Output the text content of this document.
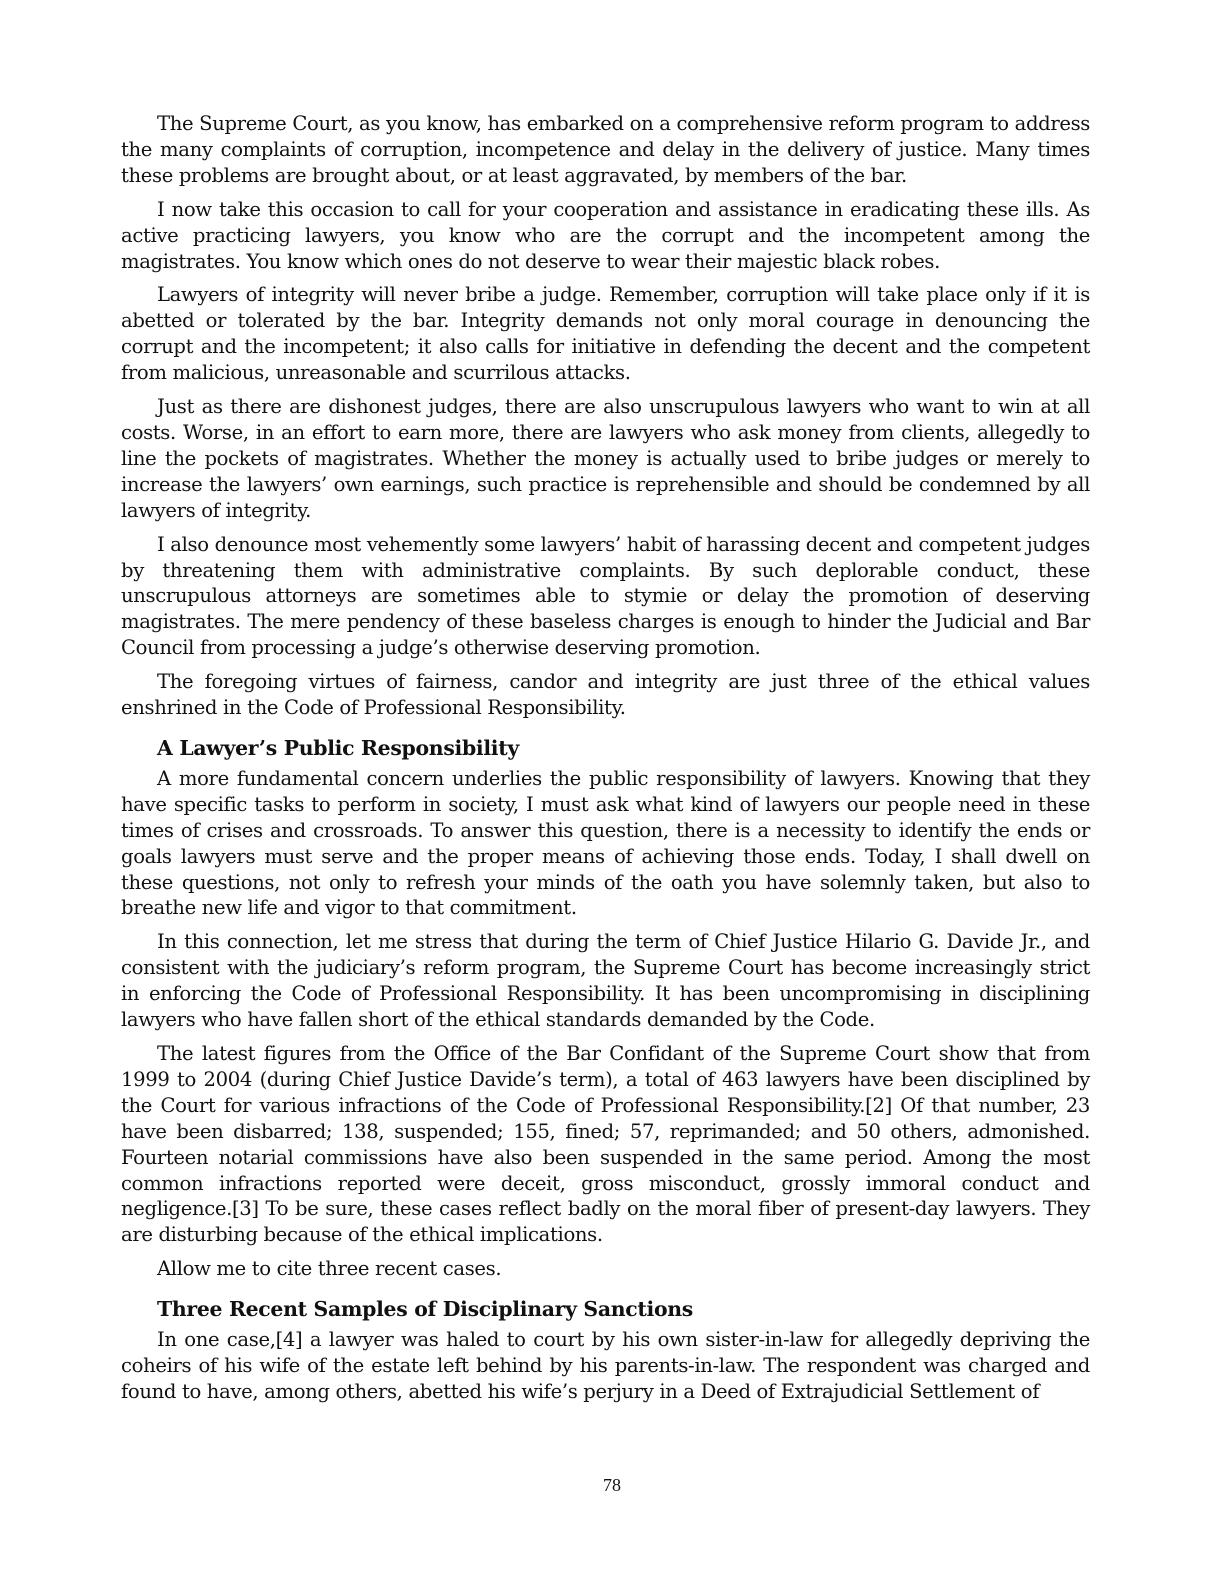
The Supreme Court, as you know, has embarked on a comprehensive reform program to address the many complaints of corruption, incompetence and delay in the delivery of justice. Many times these problems are brought about, or at least aggravated, by members of the bar.

I now take this occasion to call for your cooperation and assistance in eradicating these ills. As active practicing lawyers, you know who are the corrupt and the incompetent among the magistrates. You know which ones do not deserve to wear their majestic black robes.

Lawyers of integrity will never bribe a judge. Remember, corruption will take place only if it is abetted or tolerated by the bar. Integrity demands not only moral courage in denouncing the corrupt and the incompetent; it also calls for initiative in defending the decent and the competent from malicious, unreasonable and scurrilous attacks.

Just as there are dishonest judges, there are also unscrupulous lawyers who want to win at all costs. Worse, in an effort to earn more, there are lawyers who ask money from clients, allegedly to line the pockets of magistrates. Whether the money is actually used to bribe judges or merely to increase the lawyers’ own earnings, such practice is reprehensible and should be condemned by all lawyers of integrity.

I also denounce most vehemently some lawyers’ habit of harassing decent and competent judges by threatening them with administrative complaints. By such deplorable conduct, these unscrupulous attorneys are sometimes able to stymie or delay the promotion of deserving magistrates. The mere pendency of these baseless charges is enough to hinder the Judicial and Bar Council from processing a judge’s otherwise deserving promotion.

The foregoing virtues of fairness, candor and integrity are just three of the ethical values enshrined in the Code of Professional Responsibility.

A Lawyer’s Public Responsibility

A more fundamental concern underlies the public responsibility of lawyers. Knowing that they have specific tasks to perform in society, I must ask what kind of lawyers our people need in these times of crises and crossroads. To answer this question, there is a necessity to identify the ends or goals lawyers must serve and the proper means of achieving those ends. Today, I shall dwell on these questions, not only to refresh your minds of the oath you have solemnly taken, but also to breathe new life and vigor to that commitment.

In this connection, let me stress that during the term of Chief Justice Hilario G. Davide Jr., and consistent with the judiciary’s reform program, the Supreme Court has become increasingly strict in enforcing the Code of Professional Responsibility. It has been uncompromising in disciplining lawyers who have fallen short of the ethical standards demanded by the Code.

The latest figures from the Office of the Bar Confidant of the Supreme Court show that from 1999 to 2004 (during Chief Justice Davide’s term), a total of 463 lawyers have been disciplined by the Court for various infractions of the Code of Professional Responsibility.[2] Of that number, 23 have been disbarred; 138, suspended; 155, fined; 57, reprimanded; and 50 others, admonished. Fourteen notarial commissions have also been suspended in the same period. Among the most common infractions reported were deceit, gross misconduct, grossly immoral conduct and negligence.[3] To be sure, these cases reflect badly on the moral fiber of present-day lawyers. They are disturbing because of the ethical implications.

Allow me to cite three recent cases.

Three Recent Samples of Disciplinary Sanctions

In one case,[4] a lawyer was haled to court by his own sister-in-law for allegedly depriving the coheirs of his wife of the estate left behind by his parents-in-law. The respondent was charged and found to have, among others, abetted his wife’s perjury in a Deed of Extrajudicial Settlement of

78
